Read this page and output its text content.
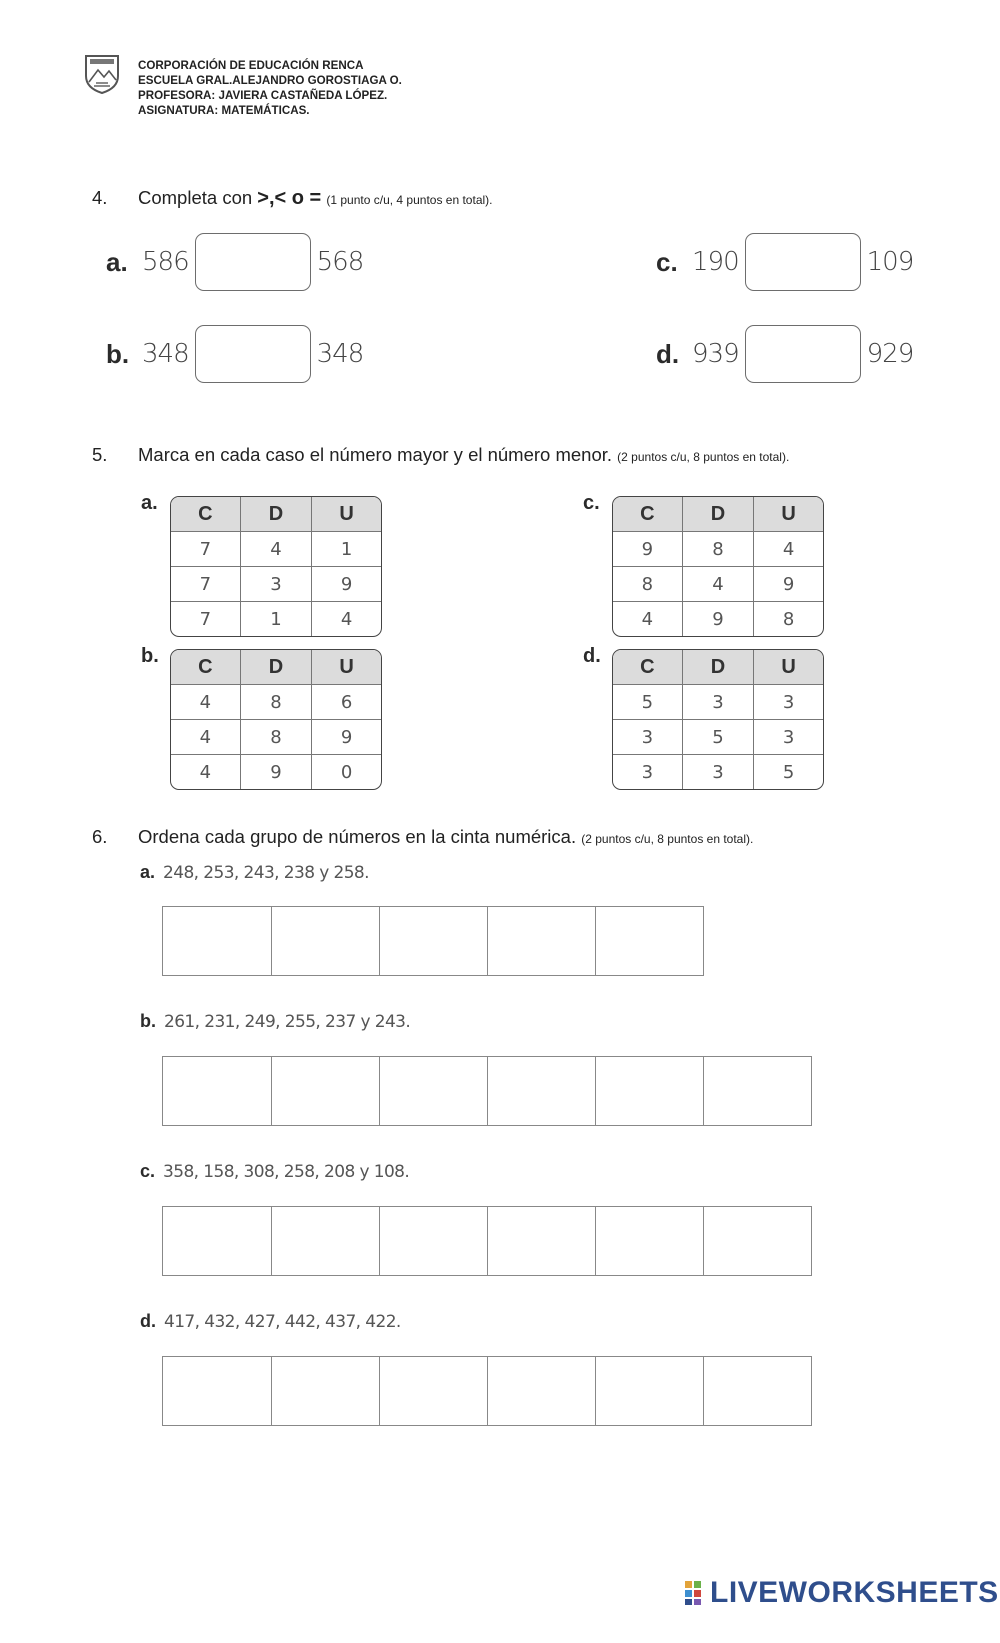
CORPORACIÓN DE EDUCACIÓN RENCA
ESCUELA GRAL.ALEJANDRO GOROSTIAGA O.
PROFESORA: JAVIERA CASTAÑEDA LÓPEZ.
ASIGNATURA: MATEMÁTICAS.
4. Completa con >,< o = (1 punto c/u, 4 puntos en total).
a. 586	568
b. 348	348
c. 190	109
d. 939	929
5. Marca en cada caso el número mayor y el número menor. (2 puntos c/u, 8 puntos en total).
a. C	D	U
7	4	1
7	3	9
7	1	4
b. C	D	U
4	8	6
4	8	9
4	9	0
c. C	D	U
9	8	4
8	4	9
4	9	8
d. C	D	U
5	3	3
3	5	3
3	3	5
6. Ordena cada grupo de números en la cinta numérica. (2 puntos c/u, 8 puntos en total).
a. 248, 253, 243, 238 y 258.
b. 261, 231, 249, 255, 237 y 243.
c. 358, 158, 308, 258, 208 y 108.
d. 417, 432, 427, 442, 437, 422.
LIVEWORKSHEETS
